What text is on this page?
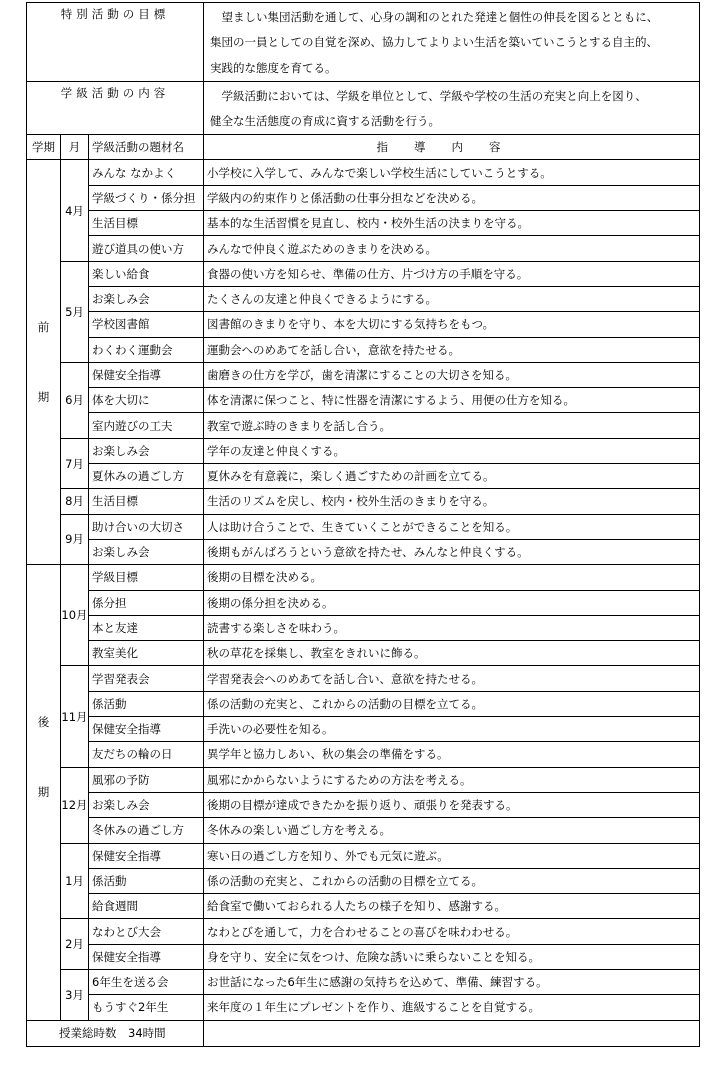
特別活動の目標			　望ましい集団活動を通して、心身の調和のとれた発達と個性の伸長を図るとともに、
集団の一員としての自覚を深め、協力してよりよい生活を築いていこうとする自主的、
実践的な態度を育てる。

学級活動の内容			　学級活動においては、学級を単位として、学級や学校の生活の充実と向上を図り、
健全な生活態度の育成に資する活動を行う。

学期	月	学級活動の題材名	指導内容

前
期	4月	みんな なかよく	小学校に入学して、みんなで楽しい学校生活にしていこうとする。
		学級づくり・係分担	学級内の約束作りと係活動の仕事分担などを決める。
		生活目標	基本的な生活習慣を見直し、校内・校外生活の決まりを守る。
		遊び道具の使い方	みんなで仲良く遊ぶためのきまりを決める。
	5月	楽しい給食	食器の使い方を知らせ、準備の仕方、片づけ方の手順を守る。
		お楽しみ会	たくさんの友達と仲良くできるようにする。
		学校図書館	図書館のきまりを守り、本を大切にする気持ちをもつ。
		わくわく運動会	運動会へのめあてを話し合い，意欲を持たせる。
	6月	保健安全指導	歯磨きの仕方を学び，歯を清潔にすることの大切さを知る。
		体を大切に	体を清潔に保つこと、特に性器を清潔にするよう、用便の仕方を知る。
		室内遊びの工夫	教室で遊ぶ時のきまりを話し合う。
	7月	お楽しみ会	学年の友達と仲良くする。
		夏休みの過ごし方	夏休みを有意義に，楽しく過ごすための計画を立てる。
	8月	生活目標	生活のリズムを戻し、校内・校外生活のきまりを守る。
	9月	助け合いの大切さ	人は助け合うことで、生きていくことができることを知る。
		お楽しみ会	後期もがんばろうという意欲を持たせ、みんなと仲良くする。

後
期	10月	学級目標	後期の目標を決める。
		係分担	後期の係分担を決める。
		本と友達	読書する楽しさを味わう。
		教室美化	秋の草花を採集し、教室をきれいに飾る。
	11月	学習発表会	学習発表会へのめあてを話し合い、意欲を持たせる。
		係活動	係の活動の充実と、これからの活動の目標を立てる。
		保健安全指導	手洗いの必要性を知る。
		友だちの輪の日	異学年と協力しあい、秋の集会の準備をする。
	12月	風邪の予防	風邪にかからないようにするための方法を考える。
		お楽しみ会	後期の目標が達成できたかを振り返り、頑張りを発表する。
		冬休みの過ごし方	冬休みの楽しい過ごし方を考える。
	1月	保健安全指導	寒い日の過ごし方を知り、外でも元気に遊ぶ。
		係活動	係の活動の充実と、これからの活動の目標を立てる。
		給食週間	給食室で働いておられる人たちの様子を知り、感謝する。
	2月	なわとび大会	なわとびを通して，力を合わせることの喜びを味わわせる。
		保健安全指導	身を守り、安全に気をつけ、危険な誘いに乗らないことを知る。
	3月	6年生を送る会	お世話になった6年生に感謝の気持ちを込めて、準備、練習する。
		もうすぐ2年生	来年度の１年生にプレゼントを作り、進級することを自覚する。
授業総時数　34時間			
